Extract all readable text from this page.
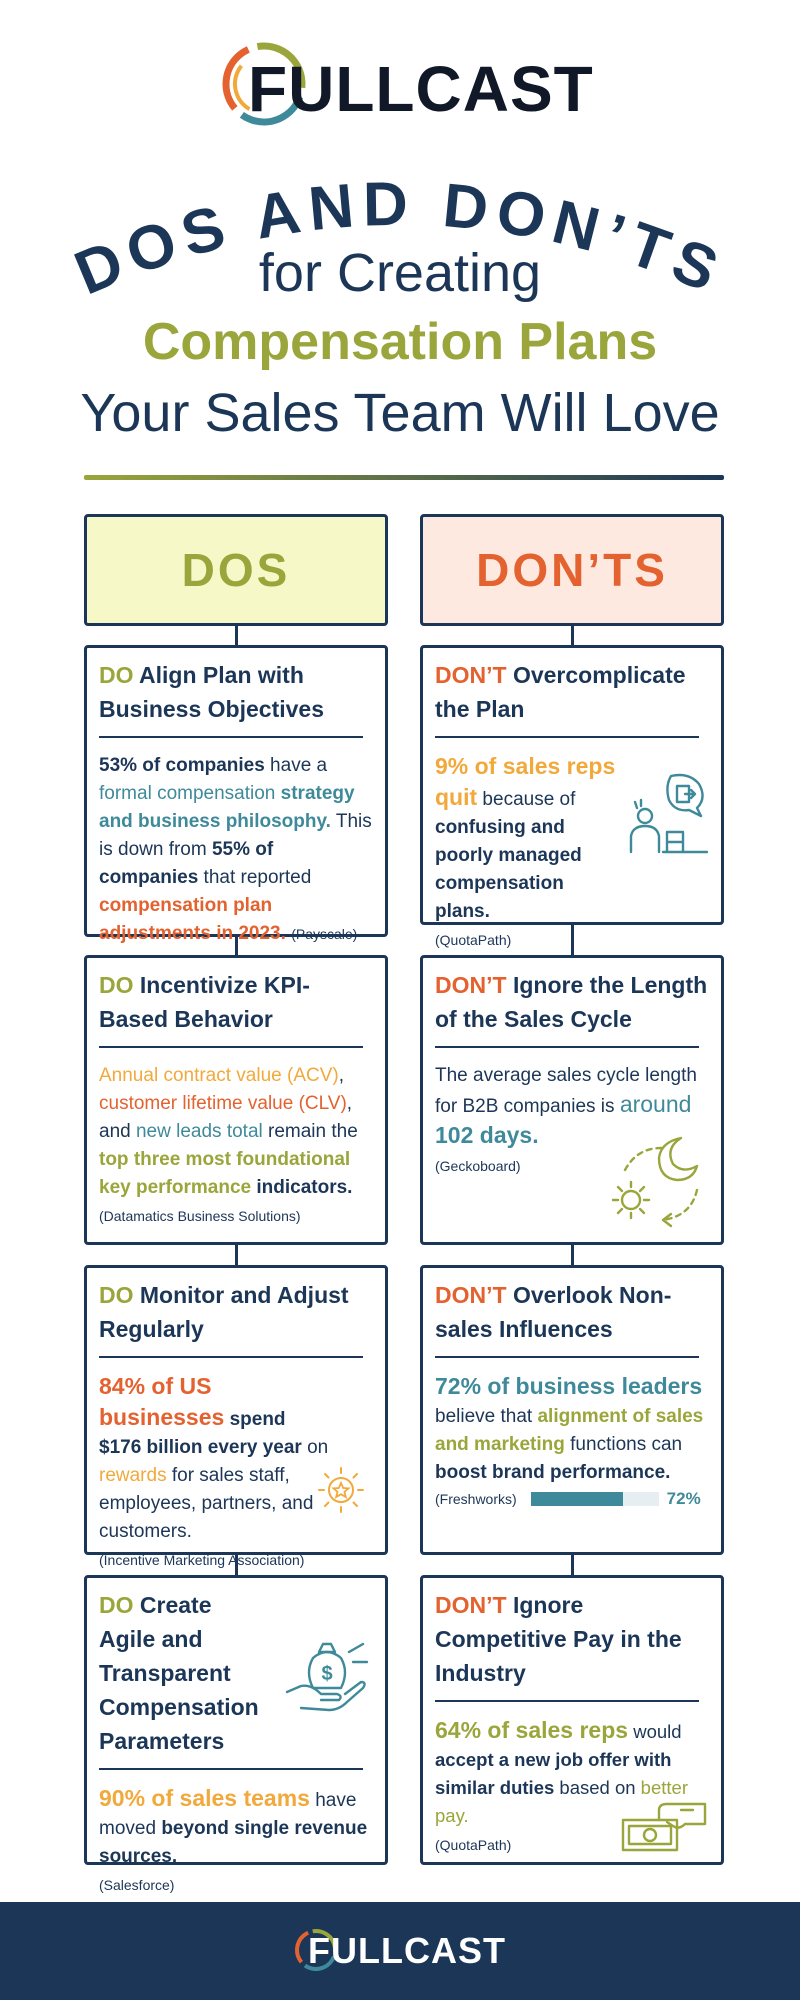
FULLCAST
DOS AND DON’TS
for Creating
Compensation Plans
Your Sales Team Will Love
DOS	DON’TS
DO Align Plan with Business Objectives
53% of companies have a formal compensation strategy and business philosophy. This is down from 55% of companies that reported compensation plan adjustments in 2023. (Payscale)
DO Incentivize KPI-Based Behavior
Annual contract value (ACV), customer lifetime value (CLV), and new leads total remain the top three most foundational key performance indicators.
(Datamatics Business Solutions)
DO Monitor and Adjust Regularly
84% of US businesses spend $176 billion every year on rewards for sales staff, employees, partners, and customers.
(Incentive Marketing Association)
DO Create Agile and Transparent Compensation Parameters
90% of sales teams have moved beyond single revenue sources.
(Salesforce)
$
DON’T Overcomplicate the Plan
9% of sales reps quit because of confusing and poorly managed compensation plans.
(QuotaPath)
DON’T Ignore the Length of the Sales Cycle
The average sales cycle length for B2B companies is around 102 days.
(Geckoboard)
DON’T Overlook Non-sales Influences
72% of business leaders believe that alignment of sales and marketing functions can boost brand performance.
(Freshworks)	72%
DON’T Ignore Competitive Pay in the Industry
64% of sales reps would accept a new job offer with similar duties based on better pay.
(QuotaPath)
FULLCAST
